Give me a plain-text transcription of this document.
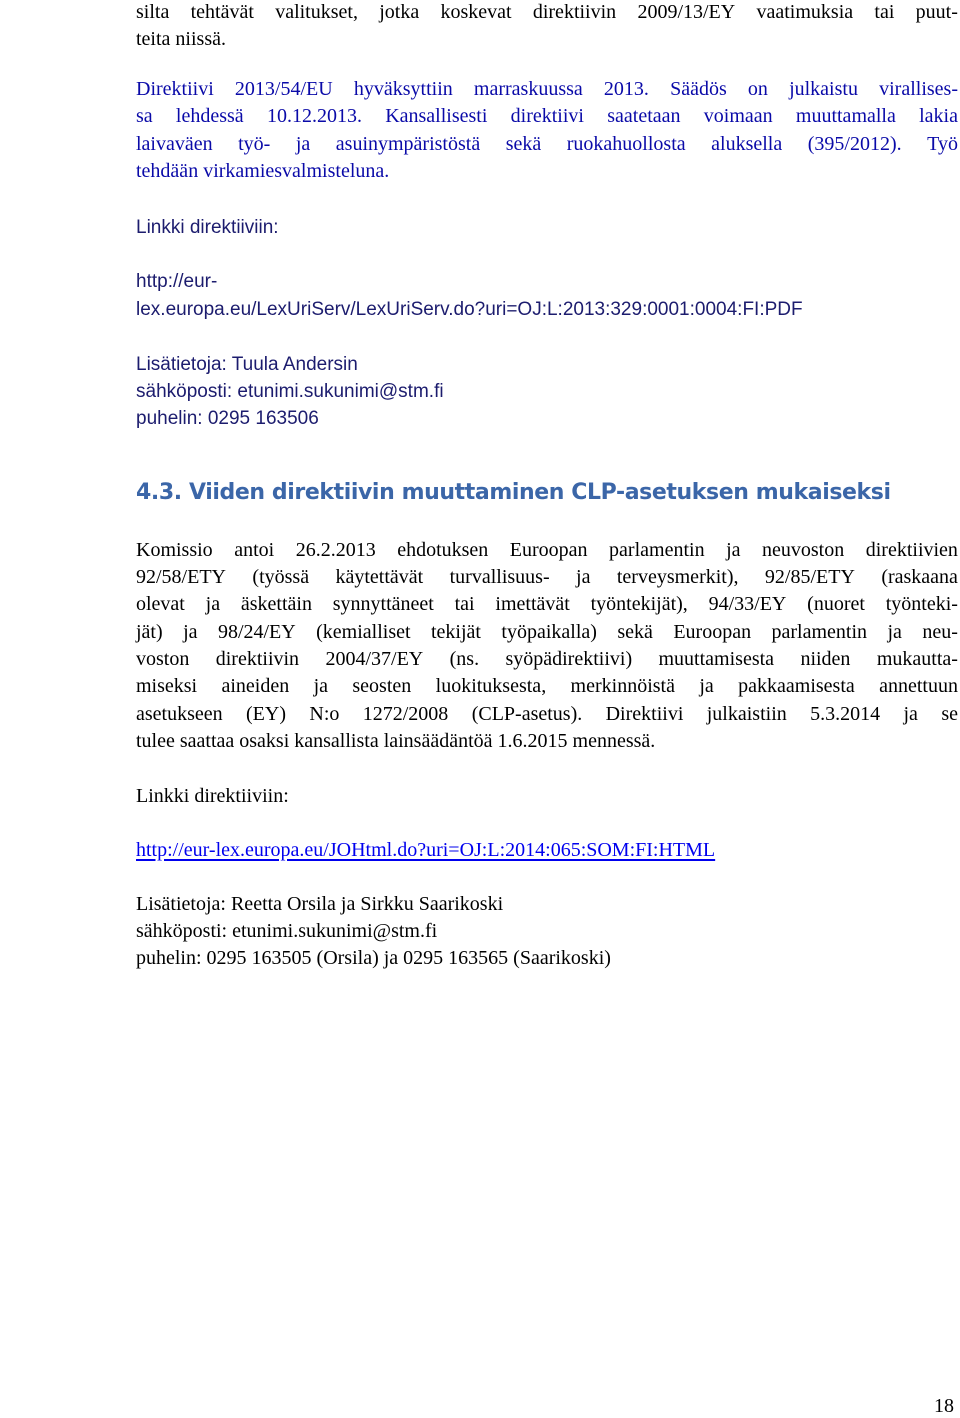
silta tehtävät valitukset, jotka koskevat direktiivin 2009/13/EY vaatimuksia tai puut-
teita niissä.
Direktiivi 2013/54/EU hyväksyttiin marraskuussa 2013. Säädös on julkaistu virallises-
sa lehdessä 10.12.2013. Kansallisesti direktiivi saatetaan voimaan muuttamalla lakia
laivaväen työ- ja asuinympäristöstä sekä ruokahuollosta aluksella (395/2012). Työ
tehdään virkamiesvalmisteluna.
Linkki direktiiviin:
http://eur-
lex.europa.eu/LexUriServ/LexUriServ.do?uri=OJ:L:2013:329:0001:0004:FI:PDF
Lisätietoja: Tuula Andersin
sähköposti: etunimi.sukunimi@stm.fi
puhelin: 0295 163506
4.3. Viiden direktiivin muuttaminen CLP-asetuksen mukaiseksi
Komissio antoi 26.2.2013 ehdotuksen Euroopan parlamentin ja neuvoston direktiivien
92/58/ETY (työssä käytettävät turvallisuus- ja terveysmerkit), 92/85/ETY (raskaana
olevat ja äskettäin synnyttäneet tai imettävät työntekijät), 94/33/EY (nuoret työnteki-
jät) ja 98/24/EY (kemialliset tekijät työpaikalla) sekä Euroopan parlamentin ja neu-
voston direktiivin 2004/37/EY (ns. syöpädirektiivi) muuttamisesta niiden mukautta-
miseksi aineiden ja seosten luokituksesta, merkinnöistä ja pakkaamisesta annettuun
asetukseen (EY) N:o 1272/2008 (CLP-asetus). Direktiivi julkaistiin 5.3.2014 ja se
tulee saattaa osaksi kansallista lainsäädäntöä 1.6.2015 mennessä.
Linkki direktiiviin:
http://eur-lex.europa.eu/JOHtml.do?uri=OJ:L:2014:065:SOM:FI:HTML
Lisätietoja: Reetta Orsila ja Sirkku Saarikoski
sähköposti: etunimi.sukunimi@stm.fi
puhelin: 0295 163505 (Orsila) ja 0295 163565 (Saarikoski)
18
